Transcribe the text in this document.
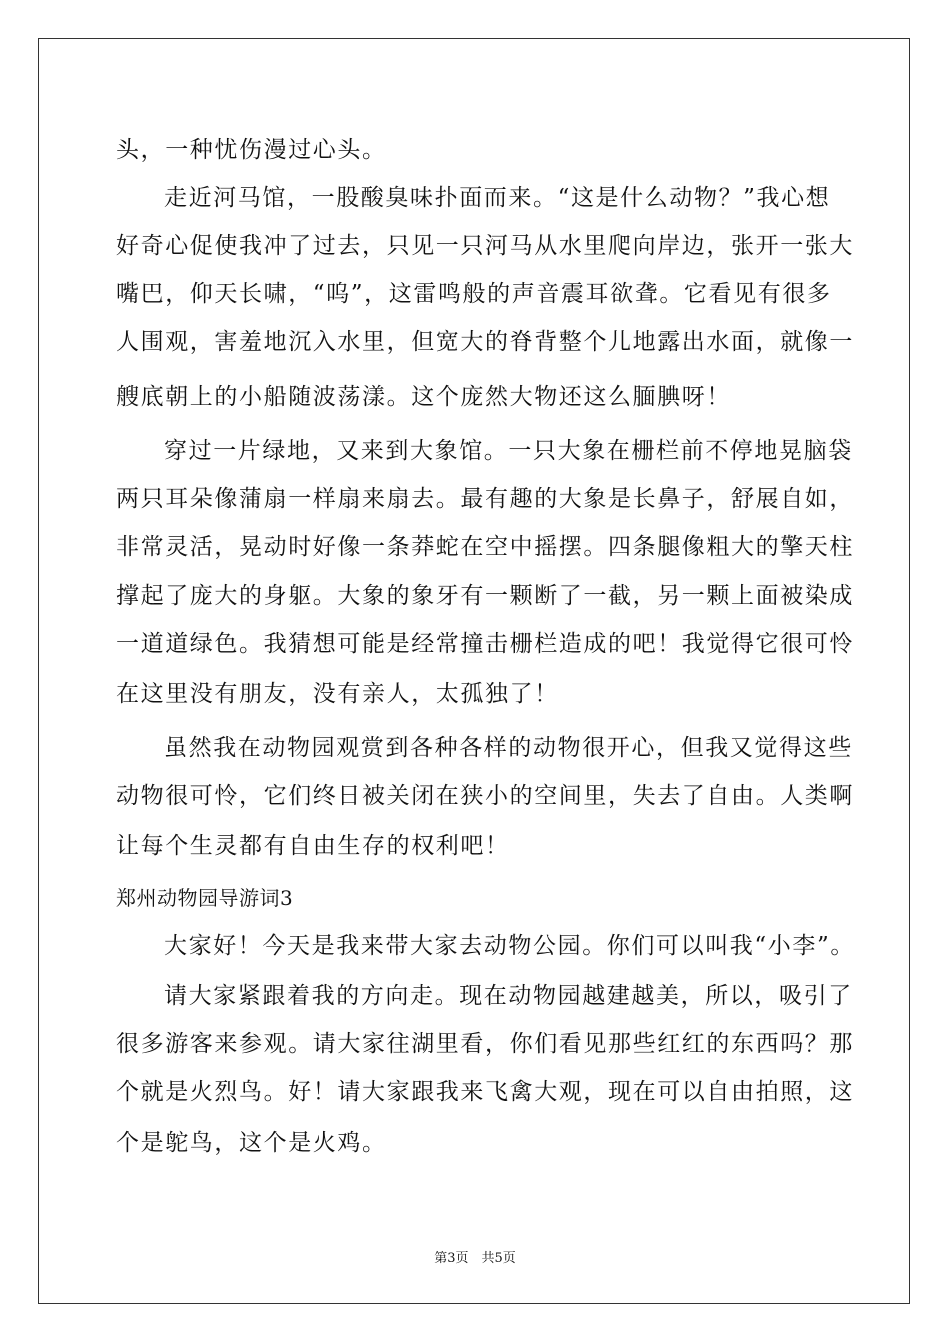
头，一种忧伤漫过心头。
走近河马馆，一股酸臭味扑面而来。“这是什么动物？”我心想
好奇心促使我冲了过去，只见一只河马从水里爬向岸边，张开一张大
嘴巴，仰天长啸，“呜”，这雷鸣般的声音震耳欲聋。它看见有很多
人围观，害羞地沉入水里，但宽大的脊背整个儿地露出水面，就像一
艘底朝上的小船随波荡漾。这个庞然大物还这么腼腆呀！
穿过一片绿地，又来到大象馆。一只大象在栅栏前不停地晃脑袋
两只耳朵像蒲扇一样扇来扇去。最有趣的大象是长鼻子，舒展自如，
非常灵活，晃动时好像一条莽蛇在空中摇摆。四条腿像粗大的擎天柱
撑起了庞大的身躯。大象的象牙有一颗断了一截，另一颗上面被染成
一道道绿色。我猜想可能是经常撞击栅栏造成的吧！我觉得它很可怜
在这里没有朋友，没有亲人，太孤独了！
虽然我在动物园观赏到各种各样的动物很开心，但我又觉得这些
动物很可怜，它们终日被关闭在狭小的空间里，失去了自由。人类啊
让每个生灵都有自由生存的权利吧！
郑州动物园导游词3
大家好！今天是我来带大家去动物公园。你们可以叫我“小李”。
请大家紧跟着我的方向走。现在动物园越建越美，所以，吸引了
很多游客来参观。请大家往湖里看，你们看见那些红红的东西吗？那
个就是火烈鸟。好！请大家跟我来飞禽大观，现在可以自由拍照，这
个是鸵鸟，这个是火鸡。
第3页　共5页
